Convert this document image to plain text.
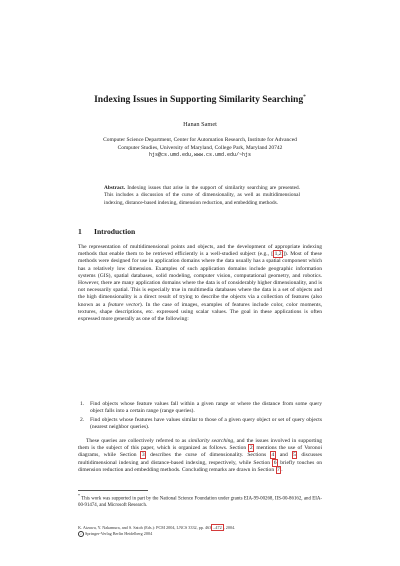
Indexing Issues in Supporting Similarity Searching*
Hanan Samet
Computer Science Department, Center for Automation Research, Institute for Advanced
Computer Studies, University of Maryland, College Park, Maryland 20742
hjs@cs.umd.edu,www.cs.umd.edu/~hjs
Abstract. Indexing issues that arise in the support of similarity searching are presented. This includes a discussion of the curse of dimensionality, as well as multidimensional indexing, distance-based indexing, dimension reduction, and embedding methods.
1 Introduction

The representation of multidimensional points and objects, and the development of appropriate indexing methods that enable them to be retrieved efficiently is a well-studied subject (e.g., [ 1,2 ]). Most of these methods were designed for use in application domains where the data usually has a spatial component which has a relatively low dimension. Examples of such application domains include geographic information systems (GIS), spatial databases, solid modeling, computer vision, computational geometry, and robotics. However, there are many application domains where the data is of considerably higher dimensionality, and is not necessarily spatial. This is especially true in multimedia databases where the data is a set of objects and the high dimensionality is a direct result of trying to describe the objects via a collection of features (also known as a feature vector). In the case of images, examples of features include color, color moments, textures, shape descriptions, etc. expressed using scalar values. The goal in these applications is often expressed more generally as one of the following:

1. Find objects whose feature values fall within a given range or where the distance from some query object falls into a certain range (range queries).
2. Find objects whose features have values similar to those of a given query object or set of query objects (nearest neighbor queries).

These queries are collectively referred to as similarity searching, and the issues involved in supporting them is the subject of this paper, which is organized as follows. Section 2 mentions the use of Voronoi diagrams, while Section 3 describes the curse of dimensionality. Sections 4 and 5 discusses multidimensional indexing and distance-based indexing, respectively, while Section 6 briefly touches on dimension reduction and embedding methods. Concluding remarks are drawn in Section 7 .

* This work was supported in part by the National Science Foundation under grants EIA-99-00268, IIS-00-86162, and EIA-00-91474, and Microsoft Research.
K. Aizawa, Y. Nakamura, and S. Satoh (Eds.): PCM 2004, LNCS 3332, pp. 463 –472 , 2004.
c Springer-Verlag Berlin Heidelberg 2004
